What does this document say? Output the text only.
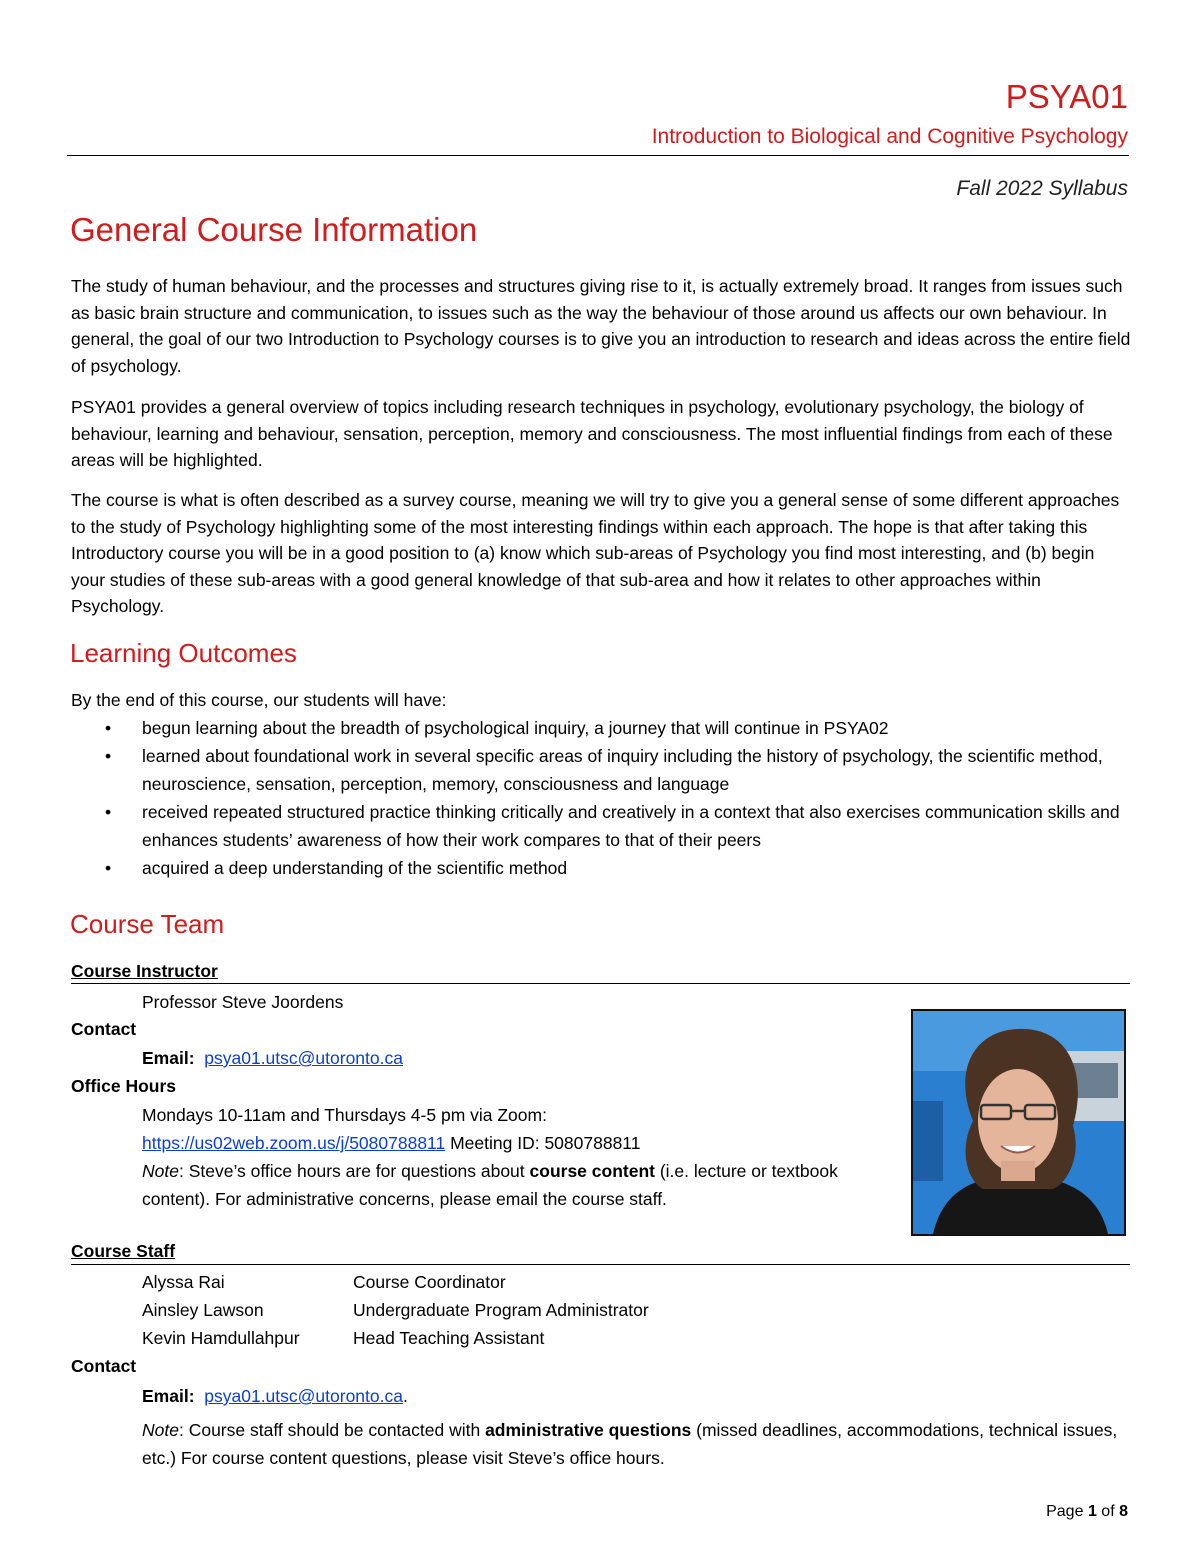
PSYA01
Introduction to Biological and Cognitive Psychology
Fall 2022 Syllabus
General Course Information

The study of human behaviour, and the processes and structures giving rise to it, is actually extremely broad. It ranges from issues such as basic brain structure and communication, to issues such as the way the behaviour of those around us affects our own behaviour. In general, the goal of our two Introduction to Psychology courses is to give you an introduction to research and ideas across the entire field of psychology.

PSYA01 provides a general overview of topics including research techniques in psychology, evolutionary psychology, the biology of behaviour, learning and behaviour, sensation, perception, memory and consciousness. The most influential findings from each of these areas will be highlighted.

The course is what is often described as a survey course, meaning we will try to give you a general sense of some different approaches to the study of Psychology highlighting some of the most interesting findings within each approach. The hope is that after taking this Introductory course you will be in a good position to (a) know which sub-areas of Psychology you find most interesting, and (b) begin your studies of these sub-areas with a good general knowledge of that sub-area and how it relates to other approaches within Psychology.

Learning Outcomes

By the end of this course, our students will have:

• begun learning about the breadth of psychological inquiry, a journey that will continue in PSYA02
• learned about foundational work in several specific areas of inquiry including the history of psychology, the scientific method, neuroscience, sensation, perception, memory, consciousness and language
• received repeated structured practice thinking critically and creatively in a context that also exercises communication skills and enhances students’ awareness of how their work compares to that of their peers
• acquired a deep understanding of the scientific method
Course Team
Course Instructor
Professor Steve Joordens
Contact
Email: psya01.utsc@utoronto.ca
Office Hours
Mondays 10-11am and Thursdays 4-5 pm via Zoom:
https://us02web.zoom.us/j/5080788811 Meeting ID: 5080788811
Note: Steve’s office hours are for questions about course content (i.e. lecture or textbook content). For administrative concerns, please email the course staff.
Course Staff
Alyssa Rai	Course Coordinator
Ainsley Lawson	Undergraduate Program Administrator
Kevin Hamdullahpur	Head Teaching Assistant
Contact
Email: psya01.utsc@utoronto.ca.
Note: Course staff should be contacted with administrative questions (missed deadlines, accommodations, technical issues, etc.) For course content questions, please visit Steve’s office hours.
Page 1 of 8
